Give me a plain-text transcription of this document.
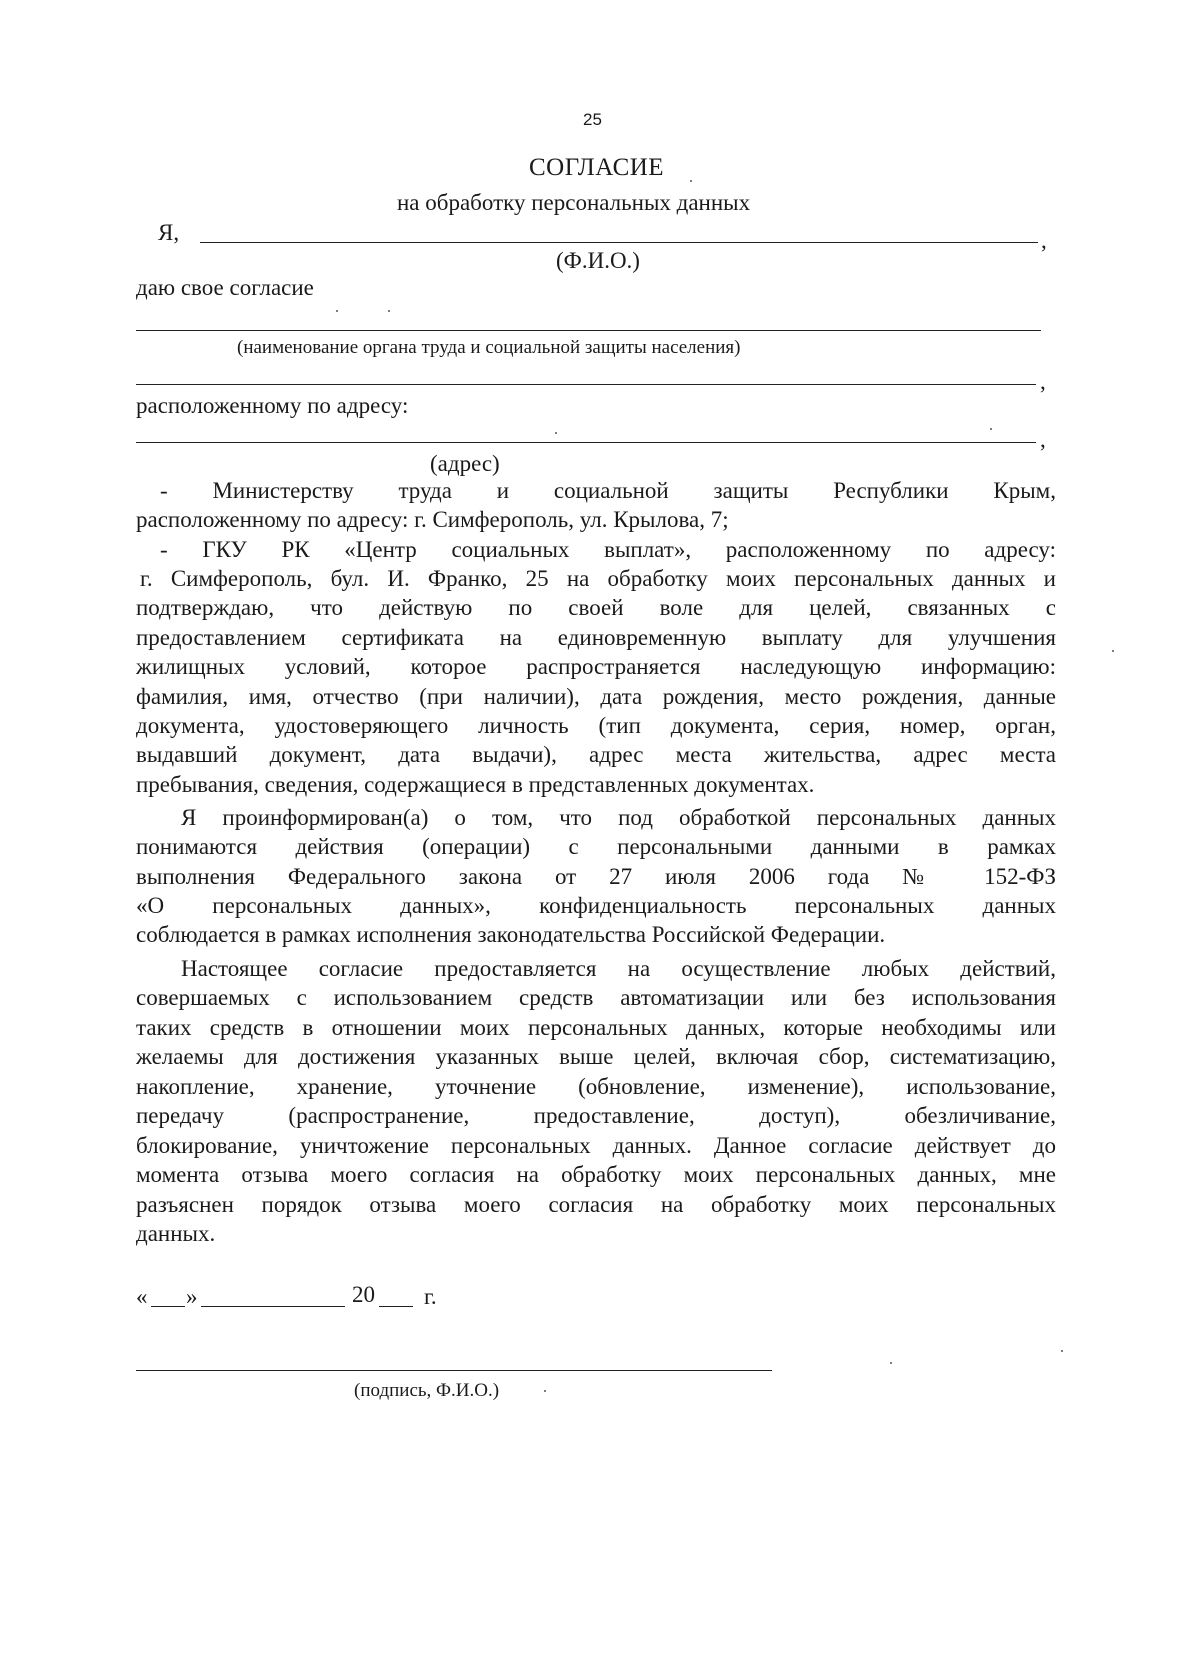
25
СОГЛАСИЕ
на обработку персональных данных
Я,	,
(Ф.И.О.)
даю свое согласие
(наименование органа труда и социальной защиты населения)
,
расположенному по адресу:
,
(адрес)
- Министерству труда и социальной защиты Республики Крым,
расположенному по адресу: г. Симферополь, ул. Крылова, 7;
- ГКУ РК «Центр социальных выплат», расположенному по адресу:
г. Симферополь, бул. И. Франко, 25 на обработку моих персональных данных и
подтверждаю, что действую по своей воле для целей, связанных с
предоставлением сертификата на единовременную выплату для улучшения
жилищных условий, которое распространяется наследующую информацию:
фамилия, имя, отчество (при наличии), дата рождения, место рождения, данные
документа, удостоверяющего личность (тип документа, серия, номер, орган,
выдавший документ, дата выдачи), адрес места жительства, адрес места
пребывания, сведения, содержащиеся в представленных документах.
Я проинформирован(а) о том, что под обработкой персональных данных
понимаются действия (операции) с персональными данными в рамках
выполнения Федерального закона от 27 июля 2006 года № 152-ФЗ
«О персональных данных», конфиденциальность персональных данных
соблюдается в рамках исполнения законодательства Российской Федерации.
Настоящее согласие предоставляется на осуществление любых действий,
совершаемых с использованием средств автоматизации или без использования
таких средств в отношении моих персональных данных, которые необходимы или
желаемы для достижения указанных выше целей, включая сбор, систематизацию,
накопление, хранение, уточнение (обновление, изменение), использование,
передачу (распространение, предоставление, доступ), обезличивание,
блокирование, уничтожение персональных данных. Данное согласие действует до
момента отзыва моего согласия на обработку моих персональных данных, мне
разъяснен порядок отзыва моего согласия на обработку моих персональных
данных.
« »	20 г.
(подпись, Ф.И.О.)
